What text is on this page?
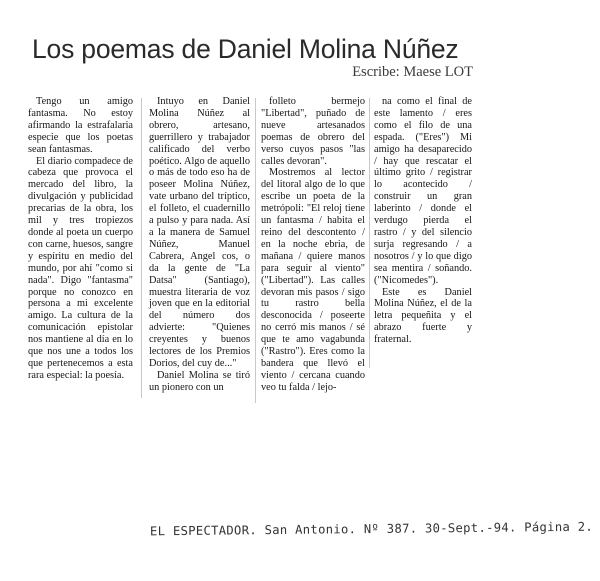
Los poemas de Daniel Molina Núñez
Escribe: Maese LOT

Tengo un amigo fantasma. No estoy afirmando la estrafalaria especie que los poetas sean fantasmas.

El diario compadece de cabeza que provoca el mercado del libro, la divulgación y publicidad precarias de la obra, los mil y tres tropiezos donde al poeta un cuerpo con carne, huesos, sangre y espíritu en medio del mundo, por ahí "como si nada". Digo "fantasma" porque no conozco en persona a mi excelente amigo. La cultura de la comunicación epistolar nos mantiene al día en lo que nos une a todos los que pertenecemos a esta rara especial: la poesía.

Intuyo en Daniel Molina Núñez al obrero, artesano, guerrillero y trabajador calificado del verbo poético. Algo de aquello o más de todo eso ha de poseer Molina Núñez, vate urbano del tríptico, el folleto, el cuadernillo a pulso y para nada. Así a la manera de Samuel Núñez, Manuel Cabrera, Angel cos, o da la gente de "La Datsa" (Santiago), muestra literaria de voz joven que en la editorial del número dos advierte: "Quienes creyentes y buenos lectores de los Premios Dorios, del cuy de..."

Daniel Molina se tiró un pionero con un

folleto bermejo "Libertad", puñado de nueve artesanados poemas de obrero del verso cuyos pasos "las calles devoran".

Mostremos al lector del litoral algo de lo que escribe un poeta de la metrópoli: "El reloj tiene un fantasma / habita el reino del descontento / en la noche ebria, de mañana / quiere manos para seguir al viento" ("Libertad"). Las calles devoran mis pasos / sigo tu rastro bella desconocida / poseerte no cerró mis manos / sé que te amo vagabunda ("Rastro"). Eres como la bandera que llevó el viento / cercana cuando veo tu falda / lejo-

na como el final de este lamento / eres como el filo de una espada. ("Eres") Mi amigo ha desaparecido / hay que rescatar el último grito / registrar lo acontecido / construir un gran laberinto / donde el verdugo pierda el rastro / y del silencio surja regresando / a nosotros / y lo que digo sea mentira / soñando. ("Nicomedes").

Este es Daniel Molina Núñez, el de la letra pequeñita y el abrazo fuerte y fraternal.

EL ESPECTADOR. San Antonio. Nº 387. 30-Sept.-94. Página 2.
